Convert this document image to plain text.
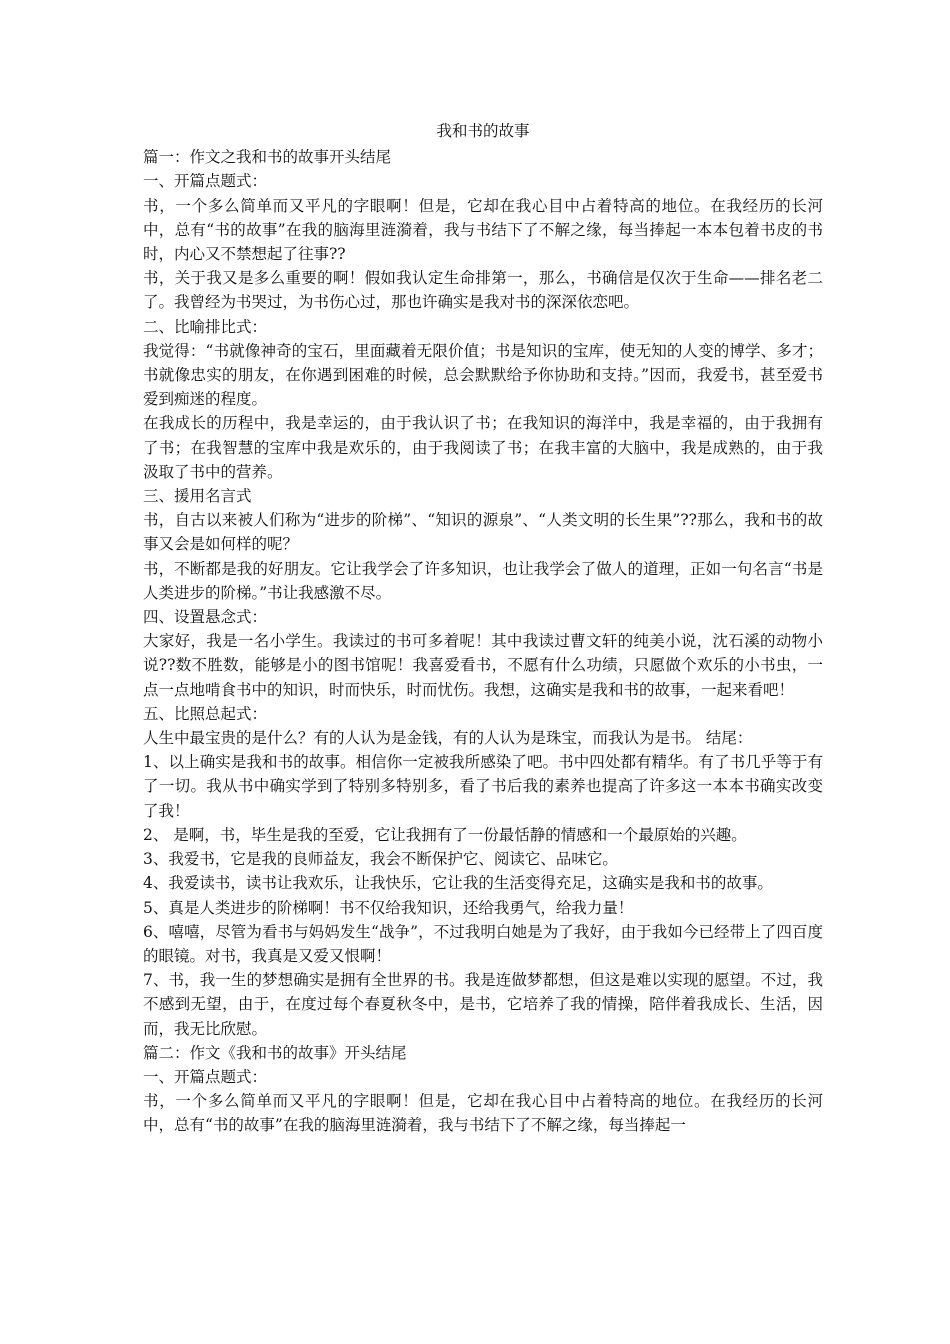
我和书的故事

篇一：作文之我和书的故事开头结尾

一、开篇点题式：

书，一个多么简单而又平凡的字眼啊！但是，它却在我心目中占着特高的地位。在我经历的长河中，总有“书的故事”在我的脑海里涟漪着，我与书结下了不解之缘，每当捧起一本本包着书皮的书时，内心又不禁想起了往事??

书，关于我又是多么重要的啊！假如我认定生命排第一，那么，书确信是仅次于生命——排名老二了。我曾经为书哭过，为书伤心过，那也许确实是我对书的深深依恋吧。

二、比喻排比式：

我觉得：“书就像神奇的宝石，里面藏着无限价值；书是知识的宝库，使无知的人变的博学、多才；书就像忠实的朋友，在你遇到困难的时候，总会默默给予你协助和支持。”因而，我爱书，甚至爱书爱到痴迷的程度。

在我成长的历程中，我是幸运的，由于我认识了书；在我知识的海洋中，我是幸福的，由于我拥有了书；在我智慧的宝库中我是欢乐的，由于我阅读了书；在我丰富的大脑中，我是成熟的，由于我汲取了书中的营养。

三、援用名言式

书，自古以来被人们称为“进步的阶梯”、“知识的源泉”、“人类文明的长生果”??那么，我和书的故事又会是如何样的呢？

书，不断都是我的好朋友。它让我学会了许多知识，也让我学会了做人的道理，正如一句名言“书是人类进步的阶梯。”书让我感激不尽。

四、设置悬念式：

大家好，我是一名小学生。我读过的书可多着呢！其中我读过曹文轩的纯美小说，沈石溪的动物小说??数不胜数，能够是小的图书馆呢！我喜爱看书，不愿有什么功绩，只愿做个欢乐的小书虫，一点一点地啃食书中的知识，时而快乐，时而忧伤。我想，这确实是我和书的故事，一起来看吧！

五、比照总起式：

人生中最宝贵的是什么？有的人认为是金钱，有的人认为是珠宝，而我认为是书。 结尾：

1、以上确实是我和书的故事。相信你一定被我所感染了吧。书中四处都有精华。有了书几乎等于有了一切。我从书中确实学到了特别多特别多，看了书后我的素养也提高了许多这一本本书确实改变了我！

2、 是啊，书，毕生是我的至爱，它让我拥有了一份最恬静的情感和一个最原始的兴趣。

3、我爱书，它是我的良师益友，我会不断保护它、阅读它、品味它。

4、我爱读书，读书让我欢乐，让我快乐，它让我的生活变得充足，这确实是我和书的故事。

5、真是人类进步的阶梯啊！书不仅给我知识，还给我勇气，给我力量！

6、嘻嘻，尽管为看书与妈妈发生“战争”，不过我明白她是为了我好，由于我如今已经带上了四百度的眼镜。对书，我真是又爱又恨啊！

7、书，我一生的梦想确实是拥有全世界的书。我是连做梦都想，但这是难以实现的愿望。不过，我不感到无望，由于，在度过每个春夏秋冬中，是书，它培养了我的情操，陪伴着我成长、生活，因而，我无比欣慰。

篇二：作文《我和书的故事》开头结尾

一、开篇点题式：

书，一个多么简单而又平凡的字眼啊！但是，它却在我心目中占着特高的地位。在我经历的长河中，总有“书的故事”在我的脑海里涟漪着，我与书结下了不解之缘，每当捧起一
